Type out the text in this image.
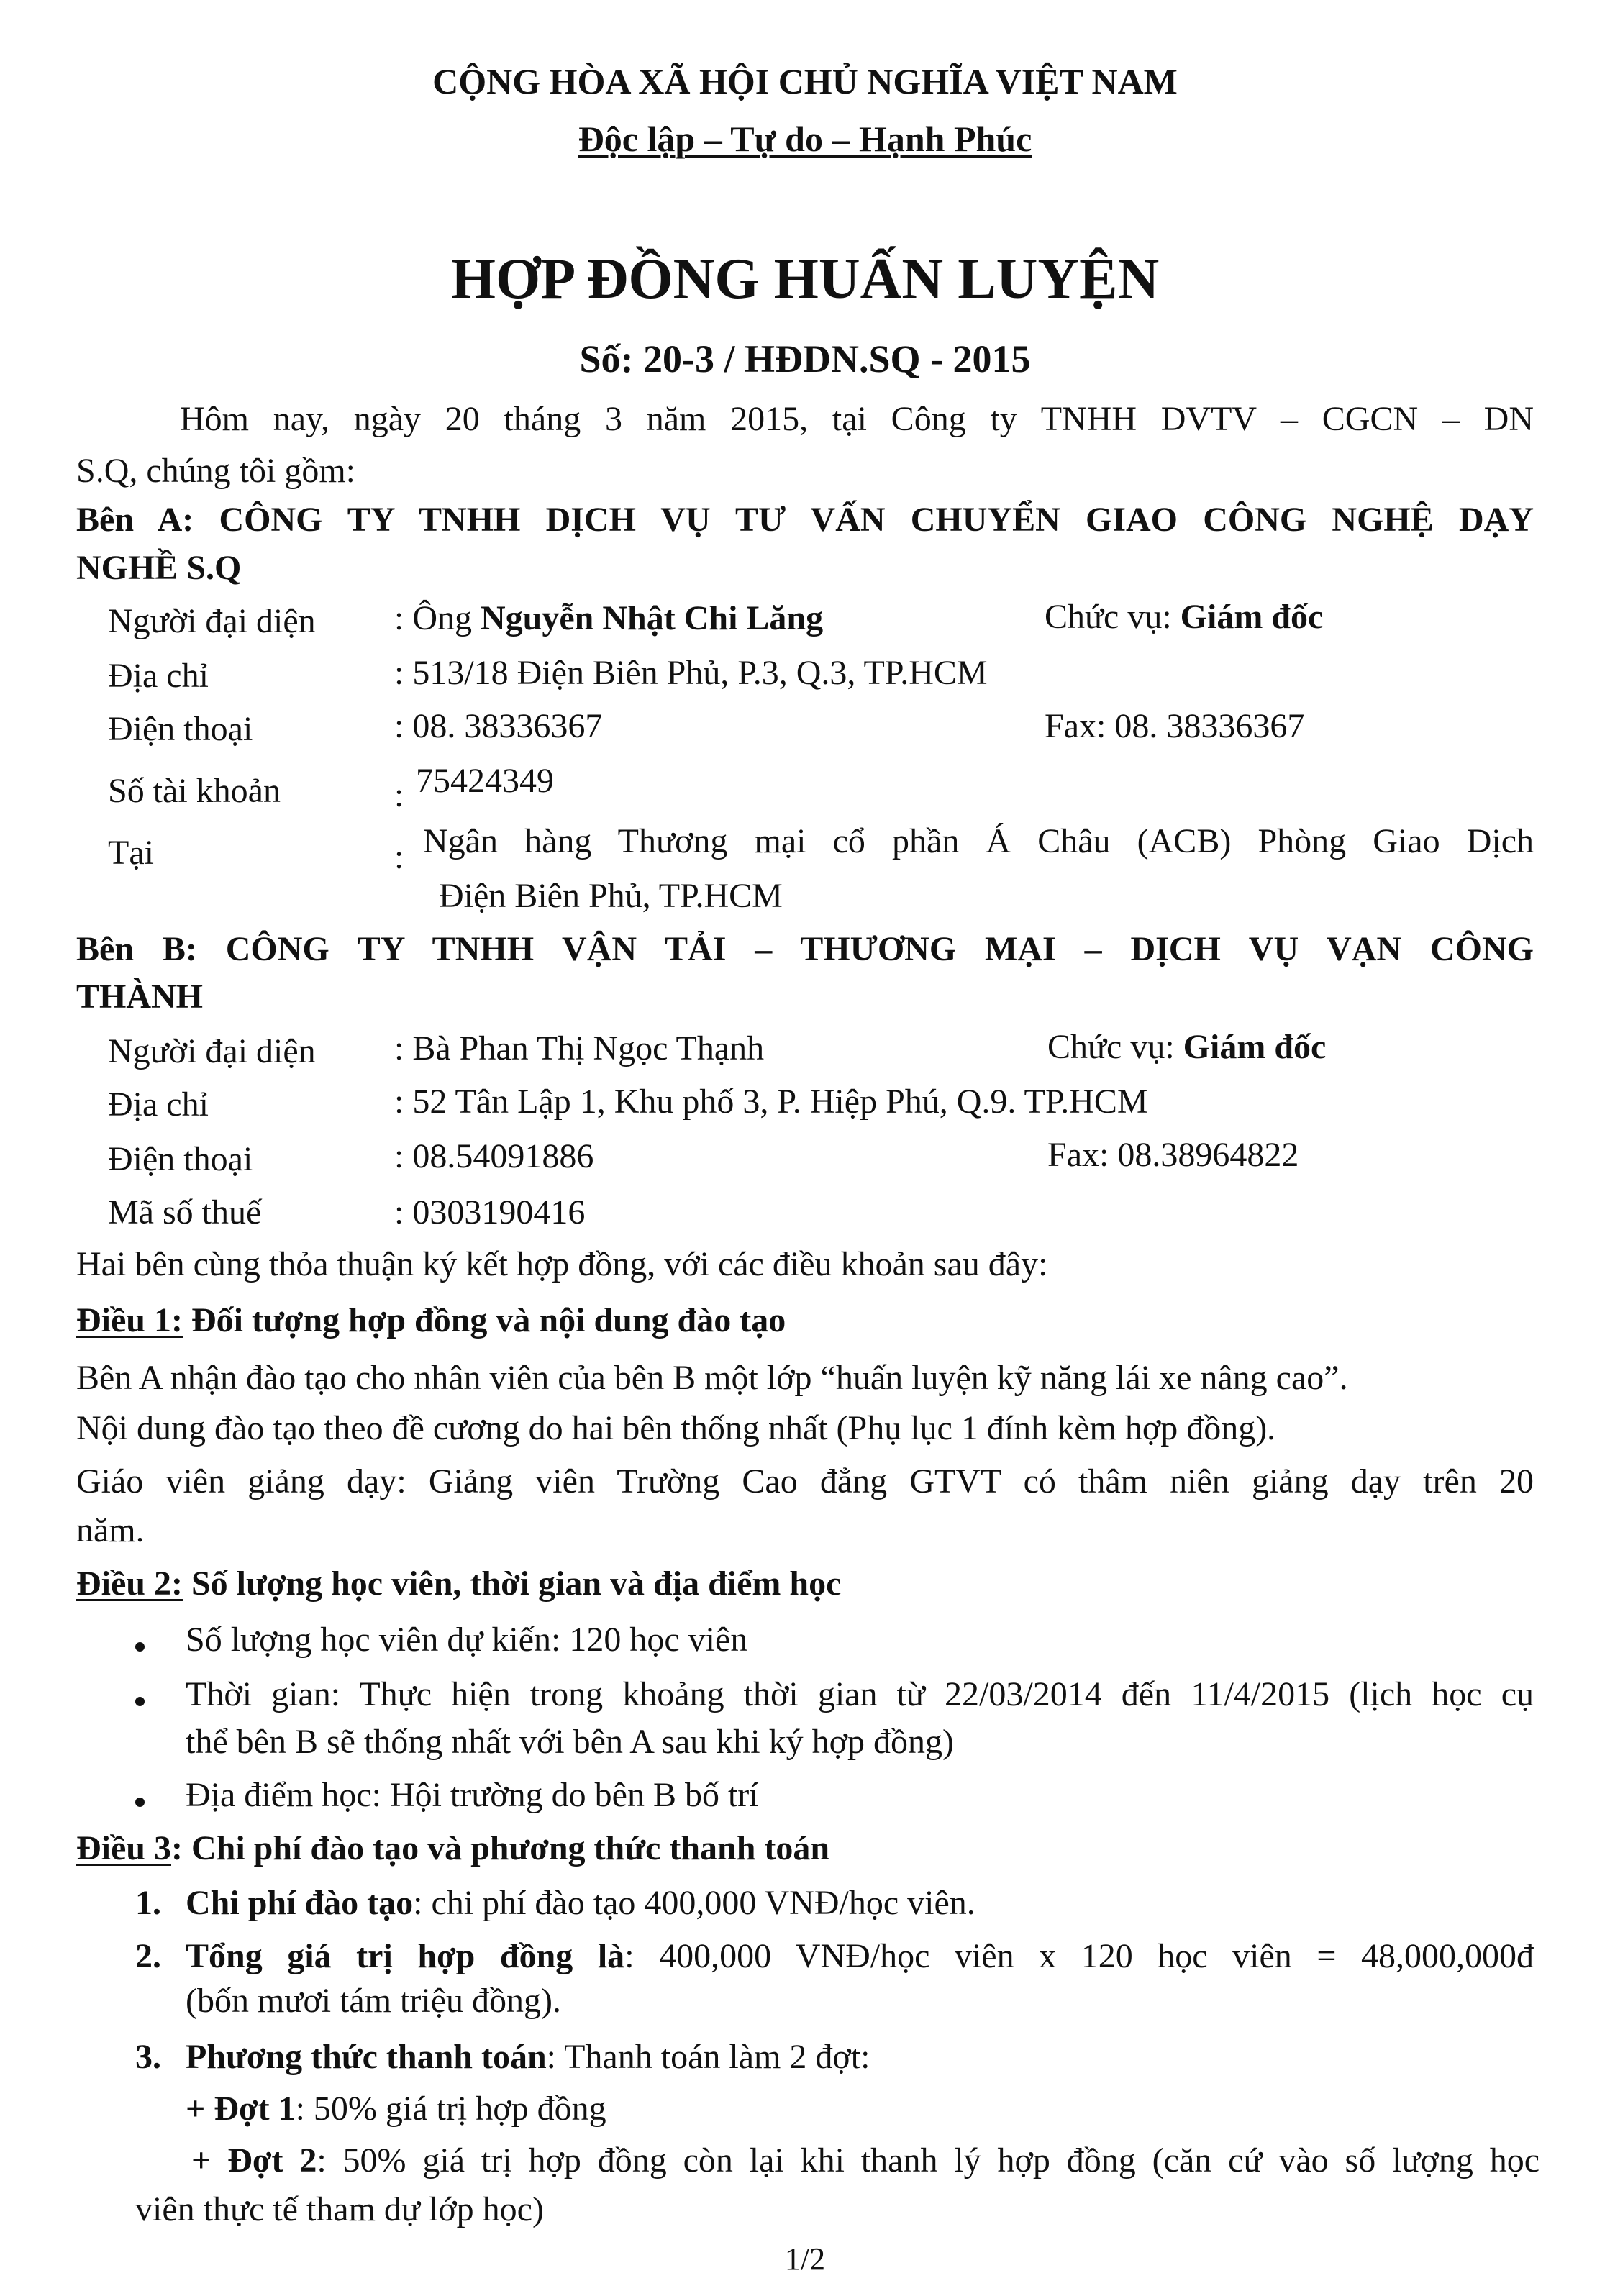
CỘNG HÒA XÃ HỘI CHỦ NGHĨA VIỆT NAM
Độc lập – Tự do – Hạnh Phúc
HỢP ĐỒNG HUẤN LUYỆN
Số: 20-3 / HĐDN.SQ - 2015
Hôm nay, ngày 20 tháng 3 năm 2015, tại Công ty TNHH DVTV – CGCN – DN
S.Q, chúng tôi gồm:
Bên A: CÔNG TY TNHH DỊCH VỤ TƯ VẤN CHUYỂN GIAO CÔNG NGHỆ DẠY
NGHỀ S.Q
Người đại diện : Ông Nguyễn Nhật Chi Lăng	Chức vụ: Giám đốc
Địa chỉ	: 513/18 Điện Biên Phủ, P.3, Q.3, TP.HCM
Điện thoại	: 08. 38336367	Fax: 08. 38336367
Số tài khoản	: 75424349
Tại	: Ngân hàng Thương mại cổ phần Á Châu (ACB) Phòng Giao Dịch
Điện Biên Phủ, TP.HCM
Bên B: CÔNG TY TNHH VẬN TẢI – THƯƠNG MẠI – DỊCH VỤ VẠN CÔNG
THÀNH
Người đại diện : Bà Phan Thị Ngọc Thạnh	Chức vụ: Giám đốc
Địa chỉ	: 52 Tân Lập 1, Khu phố 3, P. Hiệp Phú, Q.9. TP.HCM
Điện thoại	: 08.54091886	Fax: 08.38964822
Mã số thuế	: 0303190416
Hai bên cùng thỏa thuận ký kết hợp đồng, với các điều khoản sau đây:
Điều 1: Đối tượng hợp đồng và nội dung đào tạo
Bên A nhận đào tạo cho nhân viên của bên B một lớp “huấn luyện kỹ năng lái xe nâng cao”.
Nội dung đào tạo theo đề cương do hai bên thống nhất (Phụ lục 1 đính kèm hợp đồng).
Giáo viên giảng dạy: Giảng viên Trường Cao đẳng GTVT có thâm niên giảng dạy trên 20
năm.
Điều 2: Số lượng học viên, thời gian và địa điểm học
Số lượng học viên dự kiến: 120 học viên
Thời gian: Thực hiện trong khoảng thời gian từ 22/03/2014 đến 11/4/2015 (lịch học cụ
thể bên B sẽ thống nhất với bên A sau khi ký hợp đồng)
Địa điểm học: Hội trường do bên B bố trí
Điều 3: Chi phí đào tạo và phương thức thanh toán
1. Chi phí đào tạo: chi phí đào tạo 400,000 VNĐ/học viên.
2. Tổng giá trị hợp đồng là: 400,000 VNĐ/học viên x 120 học viên = 48,000,000đ
(bốn mươi tám triệu đồng).
3. Phương thức thanh toán: Thanh toán làm 2 đợt:
+ Đợt 1: 50% giá trị hợp đồng
+ Đợt 2: 50% giá trị hợp đồng còn lại khi thanh lý hợp đồng (căn cứ vào số lượng học
viên thực tế tham dự lớp học)
1/2
